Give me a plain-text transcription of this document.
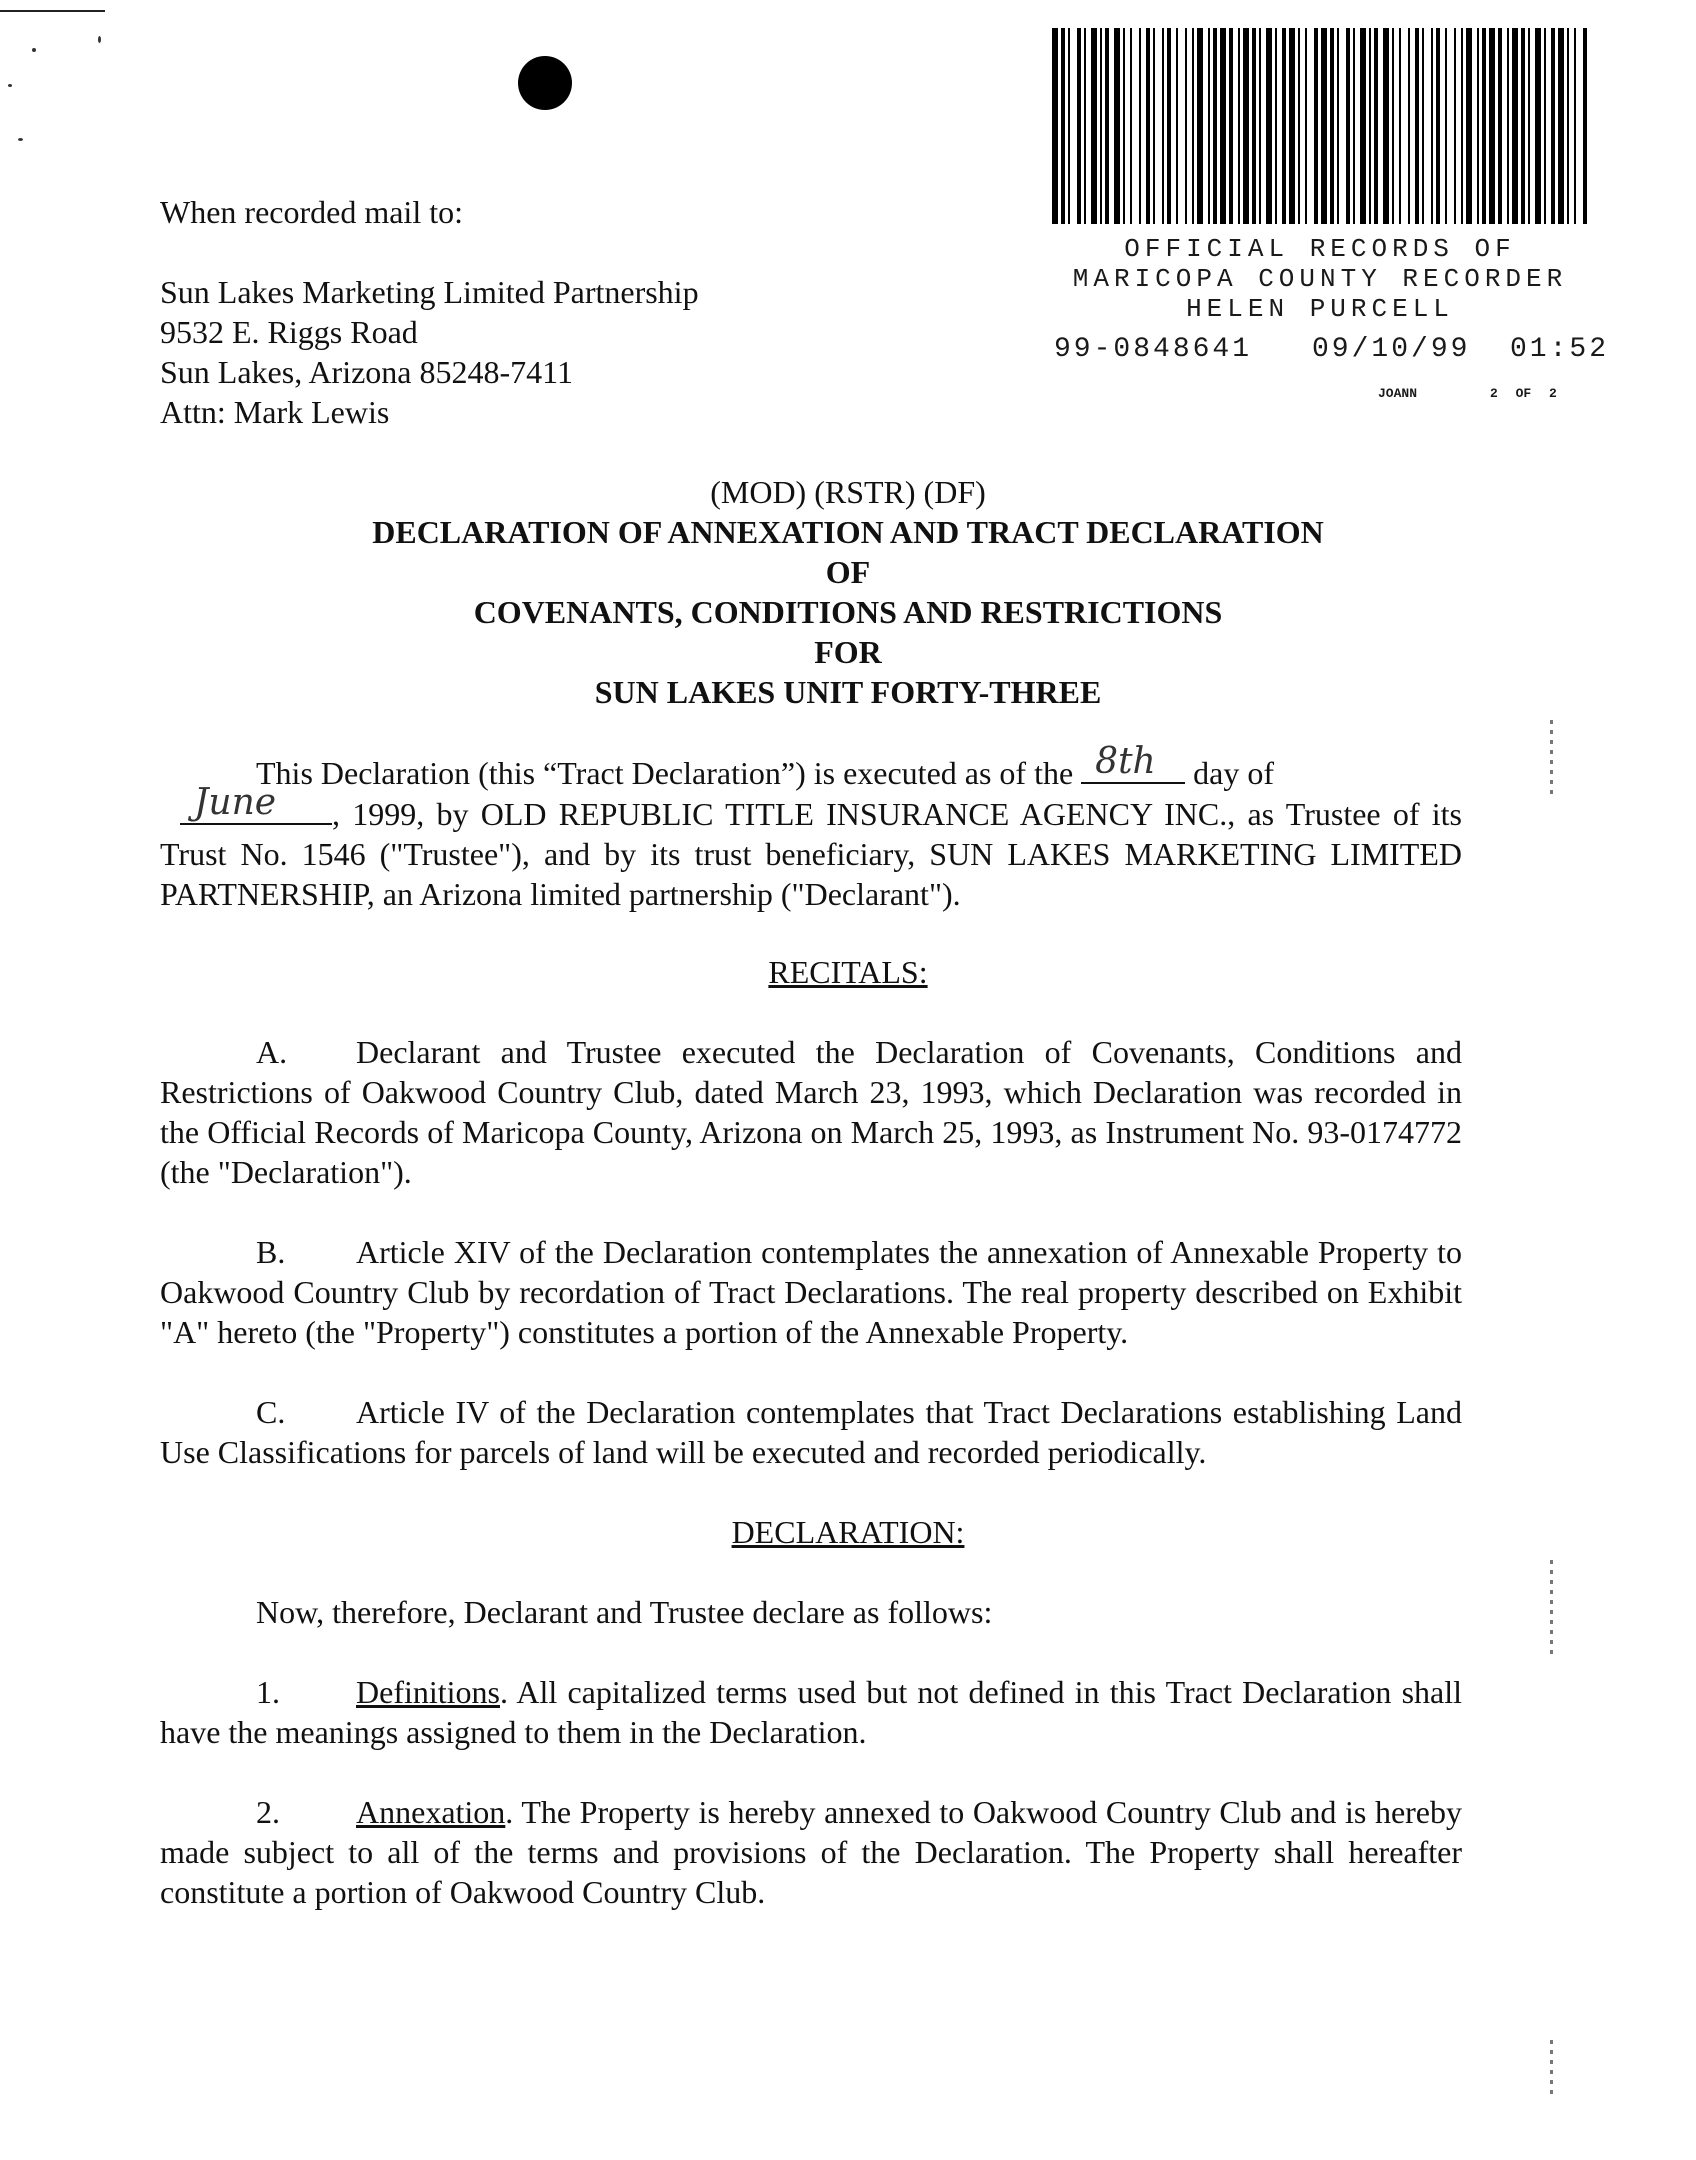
OFFICIAL RECORDS OF
MARICOPA COUNTY RECORDER
HELEN PURCELL
99-0848641 09/10/99 01:52
JOANN	2 OF 2
When recorded mail to:
Sun Lakes Marketing Limited Partnership
9532 E. Riggs Road
Sun Lakes, Arizona 85248-7411
Attn: Mark Lewis
(MOD) (RSTR) (DF)
DECLARATION OF ANNEXATION AND TRACT DECLARATION
OF
COVENANTS, CONDITIONS AND RESTRICTIONS
FOR
SUN LAKES UNIT FORTY-THREE
This Declaration (this “Tract Declaration”) is executed as of the 8th day of

June , 1999, by OLD REPUBLIC TITLE INSURANCE AGENCY INC., as Trustee of its Trust No. 1546 ("Trustee"), and by its trust beneficiary, SUN LAKES MARKETING LIMITED PARTNERSHIP, an Arizona limited partnership ("Declarant").
RECITALS:
A. Declarant and Trustee executed the Declaration of Covenants, Conditions and Restrictions of Oakwood Country Club, dated March 23, 1993, which Declaration was recorded in the Official Records of Maricopa County, Arizona on March 25, 1993, as Instrument No. 93-0174772 (the "Declaration").
B. Article XIV of the Declaration contemplates the annexation of Annexable Property to Oakwood Country Club by recordation of Tract Declarations. The real property described on Exhibit "A" hereto (the "Property") constitutes a portion of the Annexable Property.
C. Article IV of the Declaration contemplates that Tract Declarations establishing Land Use Classifications for parcels of land will be executed and recorded periodically.
DECLARATION:
Now, therefore, Declarant and Trustee declare as follows:
1. Definitions. All capitalized terms used but not defined in this Tract Declaration shall have the meanings assigned to them in the Declaration.
2. Annexation. The Property is hereby annexed to Oakwood Country Club and is hereby made subject to all of the terms and provisions of the Declaration. The Property shall hereafter constitute a portion of Oakwood Country Club.
